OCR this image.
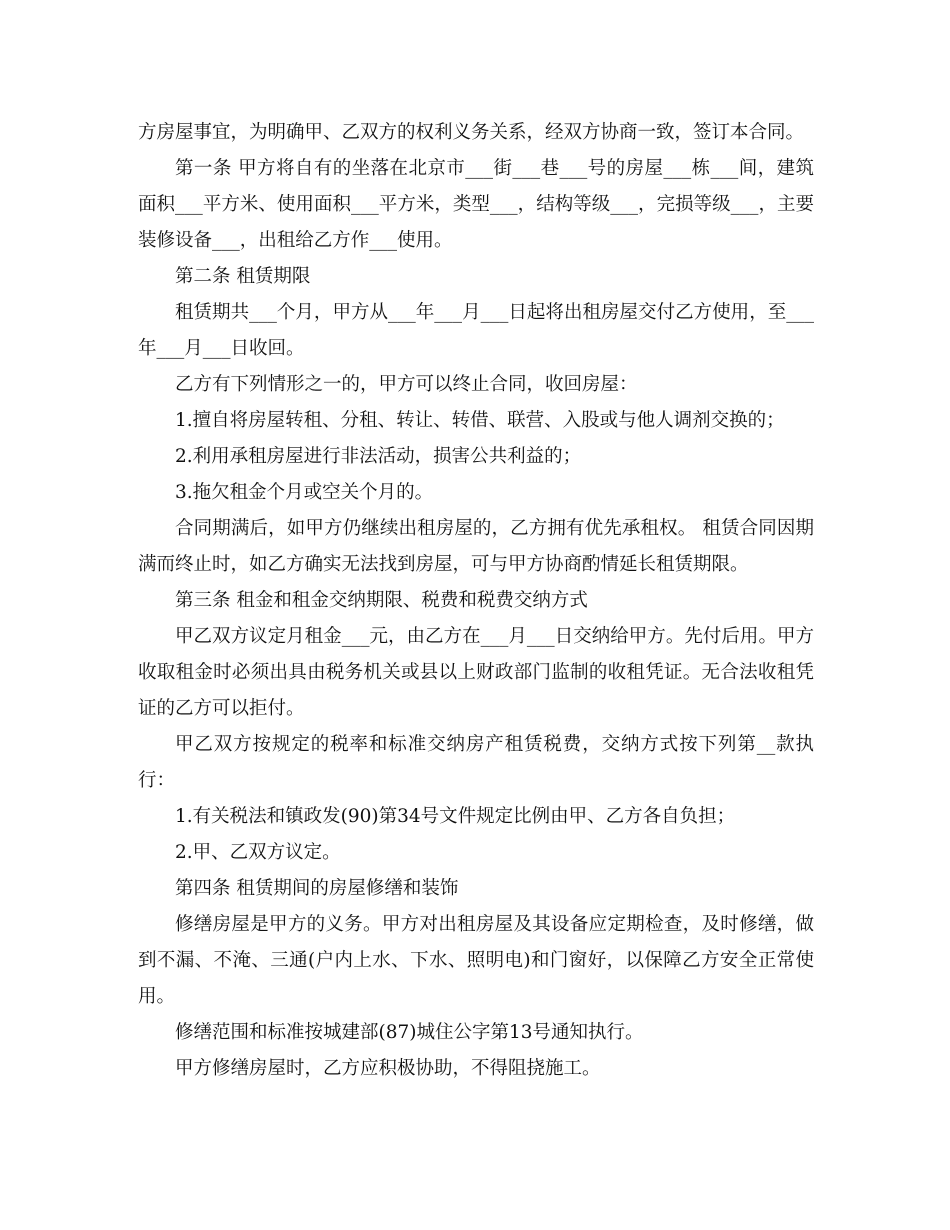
方房屋事宜，为明确甲、乙双方的权利义务关系，经双方协商一致，签订本合同。

第一条 甲方将自有的坐落在北京市___街___巷___号的房屋___栋___间，建筑面积___平方米、使用面积___平方米，类型___，结构等级___，完损等级___，主要装修设备___，出租给乙方作___使用。

第二条 租赁期限

租赁期共___个月，甲方从___年___月___日起将出租房屋交付乙方使用，至___年___月___日收回。

乙方有下列情形之一的，甲方可以终止合同，收回房屋：

1.擅自将房屋转租、分租、转让、转借、联营、入股或与他人调剂交换的；

2.利用承租房屋进行非法活动，损害公共利益的；

3.拖欠租金个月或空关个月的。

合同期满后，如甲方仍继续出租房屋的，乙方拥有优先承租权。 租赁合同因期满而终止时，如乙方确实无法找到房屋，可与甲方协商酌情延长租赁期限。

第三条 租金和租金交纳期限、税费和税费交纳方式

甲乙双方议定月租金___元，由乙方在___月___日交纳给甲方。先付后用。甲方收取租金时必须出具由税务机关或县以上财政部门监制的收租凭证。无合法收租凭证的乙方可以拒付。

甲乙双方按规定的税率和标准交纳房产租赁税费，交纳方式按下列第__款执行：

1.有关税法和镇政发(90)第34号文件规定比例由甲、乙方各自负担；

2.甲、乙双方议定。

第四条 租赁期间的房屋修缮和装饰

修缮房屋是甲方的义务。甲方对出租房屋及其设备应定期检查，及时修缮，做到不漏、不淹、三通(户内上水、下水、照明电)和门窗好，以保障乙方安全正常使用。

修缮范围和标准按城建部(87)城住公字第13号通知执行。

甲方修缮房屋时，乙方应积极协助，不得阻挠施工。
